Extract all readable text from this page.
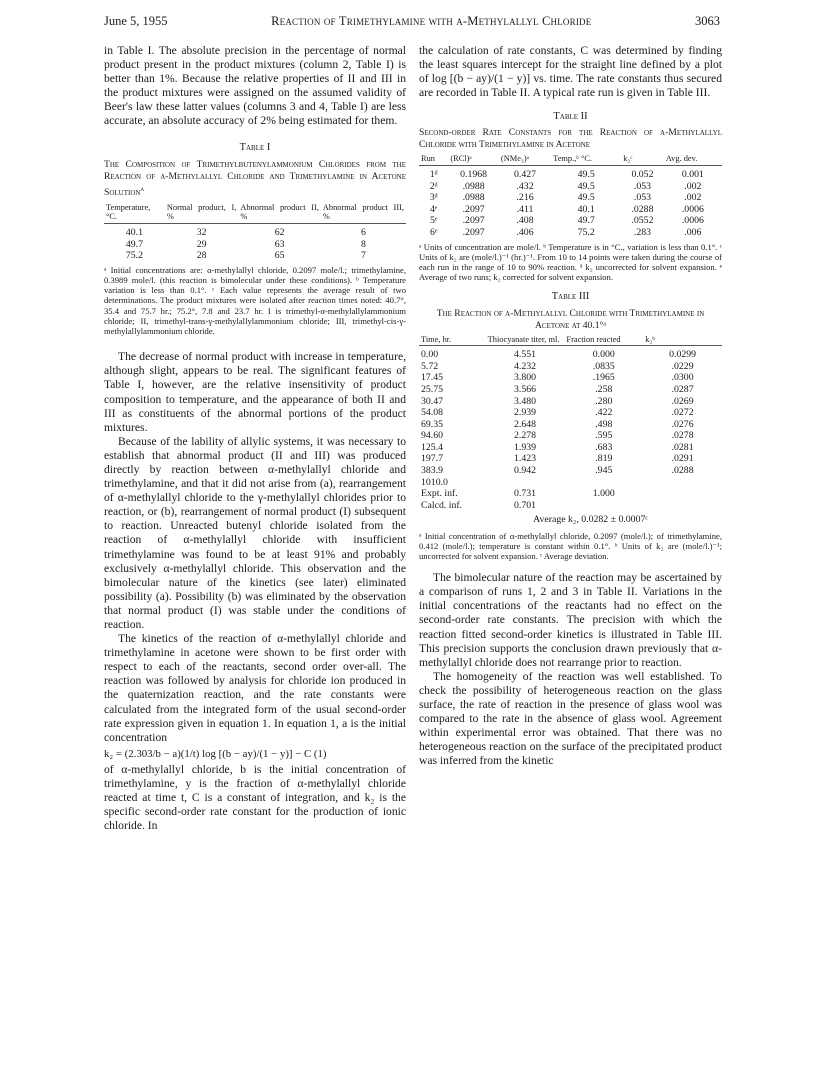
June 5, 1955	Reaction of Trimethylamine with α-Methylallyl Chloride	3063

in Table I. The absolute precision in the percentage of normal product present in the product mixtures (column 2, Table I) is better than 1%. Because the relative properties of II and III in the product mixtures were assigned on the assumed validity of Beer's law these latter values (columns 3 and 4, Table I) are less accurate, an absolute accuracy of 2% being estimated for them.

Table I
The Composition of Trimethylbutenylammonium Chlorides from the Reaction of α-Methylallyl Chloride and Trimethylamine in Acetone Solution$^a$
Temperature, °C.	Normal product, I, %	Abnormal product II, %	Abnormal product III, %
40.1	32	62	6
49.7	29	63	8
75.2	28	65	7

ᵃ Initial concentrations are: α-methylallyl chloride, 0.2097 mole/l.; trimethylamine, 0.3989 mole/l. (this reaction is bimolecular under these conditions). ᵇ Temperature variation is less than 0.1°. ᶜ Each value represents the average result of two determinations. The product mixtures were isolated after reaction times noted: 40.7°, 35.4 and 75.7 hr.; 75.2°, 7.8 and 23.7 hr. I is trimethyl-α-methylallylammonium chloride; II, trimethyl-trans-γ-methylallylammonium chloride; III, trimethyl-cis-γ-methylallylammonium chloride.

The decrease of normal product with increase in temperature, although slight, appears to be real. The significant features of Table I, however, are the relative insensitivity of product composition to temperature, and the appearance of both II and III as constituents of the abnormal portions of the product mixtures.

Because of the lability of allylic systems, it was necessary to establish that abnormal product (II and III) was produced directly by reaction between α-methylallyl chloride and trimethylamine, and that it did not arise from (a), rearrangement of α-methylallyl chloride to the γ-methylallyl chlorides prior to reaction, or (b), rearrangement of normal product (I) subsequent to reaction. Unreacted butenyl chloride isolated from the reaction of α-methylallyl chloride with insufficient trimethylamine was found to be at least 91% and probably exclusively α-methylallyl chloride. This observation and the bimolecular nature of the kinetics (see later) eliminated possibility (a). Possibility (b) was eliminated by the observation that normal product (I) was stable under the conditions of reaction.

The kinetics of the reaction of α-methylallyl chloride and trimethylamine in acetone were shown to be first order with respect to each of the reactants, second order over-all. The reaction was followed by analysis for chloride ion produced in the quaternization reaction, and the rate constants were calculated from the integrated form of the usual second-order rate expression given in equation 1. In equation 1, a is the initial concentration

k₂ = (2.303/b − a)(1/t) log [(b − ay)/(1 − y)] − C (1)

of α-methylallyl chloride, b is the initial concentration of trimethylamine, y is the fraction of α-methylallyl chloride reacted at time t, C is a constant of integration, and k₂ is the specific second-order rate constant for the production of ionic chloride. In

the calculation of rate constants, C was determined by finding the least squares intercept for the straight line defined by a plot of log [(b − ay)/(1 − y)] vs. time. The rate constants thus secured are recorded in Table II. A typical rate run is given in Table III.

Table II
Second-order Rate Constants for the Reaction of α-Methylallyl Chloride with Trimethylamine in Acetone
Run	(RCl)ᵃ	(NMe₃)ᵃ	Temp.,ᵇ °C.	k₂ᶜ	Avg. dev.
1ᵈ	0.1968	0.427	49.5	0.052	0.001
2ᵈ	.0988	.432	49.5	.053	.002
3ᵈ	.0988	.216	49.5	.053	.002
4ᵉ	.2097	.411	40.1	.0288	.0006
5ᵉ	.2097	.408	49.7	.0552	.0006
6ᵉ	.2097	.406	75.2	.283	.006

ᵃ Units of concentration are mole/l. ᵇ Temperature is in °C., variation is less than 0.1°. ᶜ Units of k₂ are (mole/l.)⁻¹ (hr.)⁻¹. From 10 to 14 points were taken during the course of each run in the range of 10 to 90% reaction. ᵈ k₂ uncorrected for solvent expansion. ᵉ Average of two runs; k₂ corrected for solvent expansion.

Table III
The Reaction of α-Methylallyl Chloride with Trimethylamine in Acetone at 40.1°ᵃ
Time, hr.	Thiocyanate titer, ml.	Fraction reacted	k₂ᵇ
0.00	4.551	0.000	0.0299
5.72	4.232	.0835	.0229
17.45	3.800	.1965	.0300
25.75	3.566	.258	.0287
30.47	3.480	.280	.0269
54.08	2.939	.422	.0272
69.35	2.648	.498	.0276
94.60	2.278	.595	.0278
125.4	1.939	.683	.0281
197.7	1.423	.819	.0291
383.9	0.942	.945	.0288
1010.0			
Expt. inf.	0.731	1.000	
Calcd. inf.	0.701		
Average k₂, 0.0282 ± 0.0007ᶜ

ᵃ Initial concentration of α-methylallyl chloride, 0.2097 (mole/l.); of trimethylamine, 0.412 (mole/l.); temperature is constant within 0.1°. ᵇ Units of k₂ are (mole/l.)⁻¹; uncorrected for solvent expansion. ᶜ Average deviation.

The bimolecular nature of the reaction may be ascertained by a comparison of runs 1, 2 and 3 in Table II. Variations in the initial concentrations of the reactants had no effect on the second-order rate constants. The precision with which the reaction fitted second-order kinetics is illustrated in Table III. This precision supports the conclusion drawn previously that α-methylallyl chloride does not rearrange prior to reaction.

The homogeneity of the reaction was well established. To check the possibility of heterogeneous reaction on the glass surface, the rate of reaction in the presence of glass wool was compared to the rate in the absence of glass wool. Agreement within experimental error was obtained. That there was no heterogeneous reaction on the surface of the precipitated product was inferred from the kinetic
